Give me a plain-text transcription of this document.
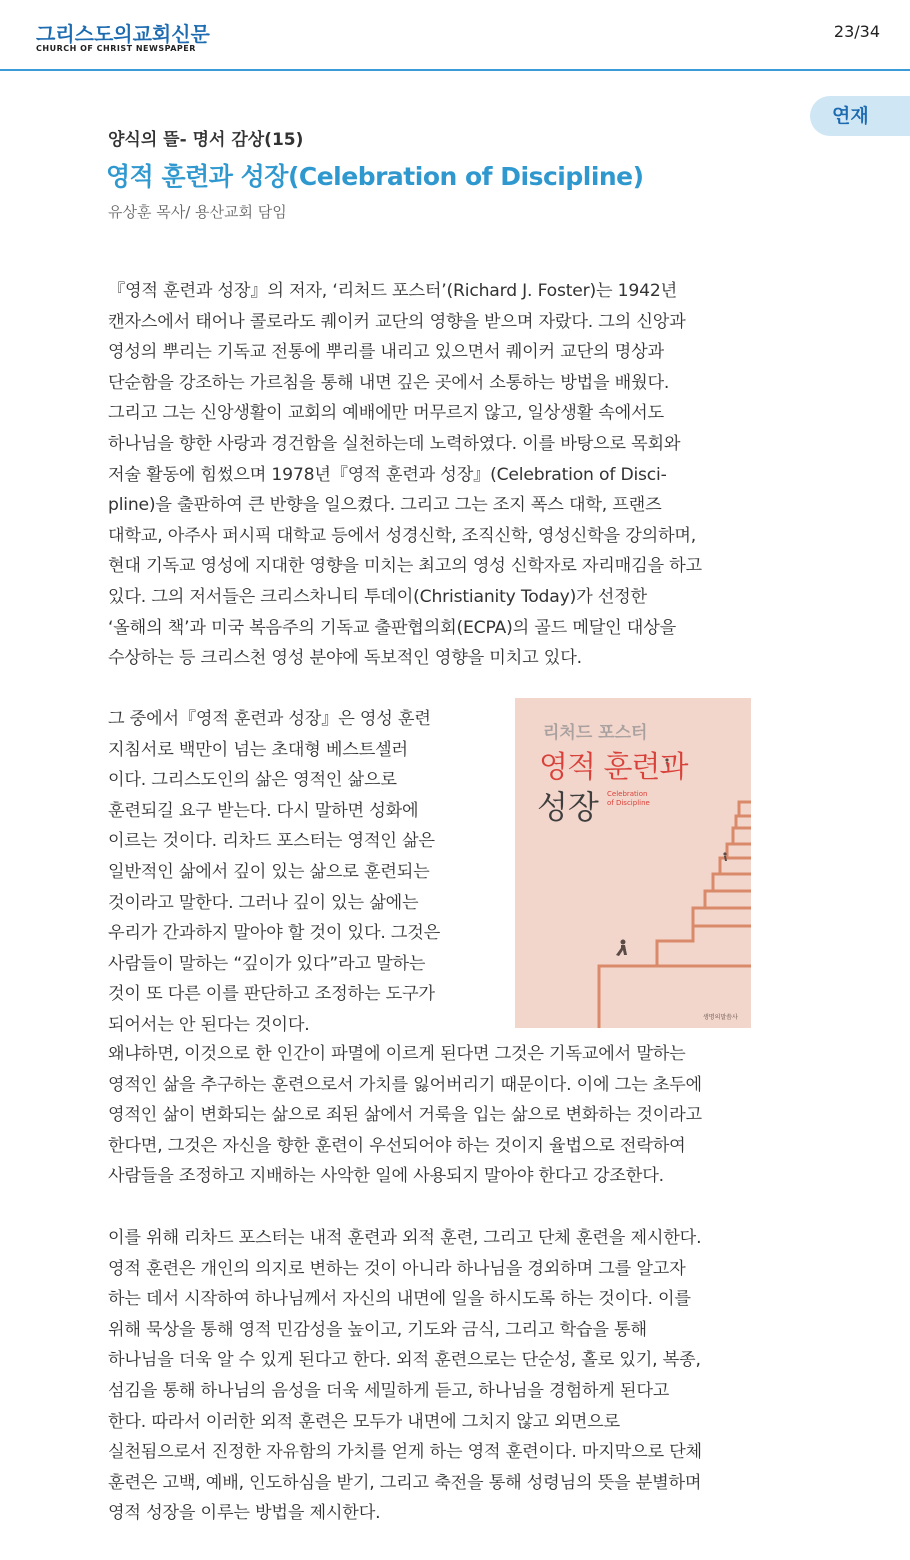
그리스도의교회신문
CHURCH OF CHRIST NEWSPAPER
23/34
연재
양식의 뜰- 명서 감상(15)
영적 훈련과 성장(Celebration of Discipline)
유상훈 목사/ 용산교회 담임
『영적 훈련과 성장』의 저자, ‘리처드 포스터’(Richard J. Foster)는 1942년
캔자스에서 태어나 콜로라도 퀘이커 교단의 영향을 받으며 자랐다. 그의 신앙과
영성의 뿌리는 기독교 전통에 뿌리를 내리고 있으면서 퀘이커 교단의 명상과
단순함을 강조하는 가르침을 통해 내면 깊은 곳에서 소통하는 방법을 배웠다.
그리고 그는 신앙생활이 교회의 예배에만 머무르지 않고, 일상생활 속에서도
하나님을 향한 사랑과 경건함을 실천하는데 노력하였다. 이를 바탕으로 목회와
저술 활동에 힘썼으며 1978년『영적 훈련과 성장』(Celebration of Disci-
pline)을 출판하여 큰 반향을 일으켰다. 그리고 그는 조지 폭스 대학, 프랜즈
대학교, 아주사 퍼시픽 대학교 등에서 성경신학, 조직신학, 영성신학을 강의하며,
현대 기독교 영성에 지대한 영향을 미치는 최고의 영성 신학자로 자리매김을 하고
있다. 그의 저서들은 크리스차니티 투데이(Christianity Today)가 선정한
‘올해의 책’과 미국 복음주의 기독교 출판협의회(ECPA)의 골드 메달인 대상을
수상하는 등 크리스천 영성 분야에 독보적인 영향을 미치고 있다.
그 중에서『영적 훈련과 성장』은 영성 훈련
지침서로 백만이 넘는 초대형 베스트셀러
이다. 그리스도인의 삶은 영적인 삶으로
훈련되길 요구 받는다. 다시 말하면 성화에
이르는 것이다. 리차드 포스터는 영적인 삶은
일반적인 삶에서 깊이 있는 삶으로 훈련되는
것이라고 말한다. 그러나 깊이 있는 삶에는
우리가 간과하지 말아야 할 것이 있다. 그것은
사람들이 말하는 “깊이가 있다”라고 말하는
것이 또 다른 이를 판단하고 조정하는 도구가
되어서는 안 된다는 것이다.
리처드 포스터
영적 훈련과
성장 Celebration
of Discipline
생명의말씀사
왜냐하면, 이것으로 한 인간이 파멸에 이르게 된다면 그것은 기독교에서 말하는
영적인 삶을 추구하는 훈련으로서 가치를 잃어버리기 때문이다. 이에 그는 초두에
영적인 삶이 변화되는 삶으로 죄된 삶에서 거룩을 입는 삶으로 변화하는 것이라고
한다면, 그것은 자신을 향한 훈련이 우선되어야 하는 것이지 율법으로 전락하여
사람들을 조정하고 지배하는 사악한 일에 사용되지 말아야 한다고 강조한다.
이를 위해 리차드 포스터는 내적 훈련과 외적 훈련, 그리고 단체 훈련을 제시한다.
영적 훈련은 개인의 의지로 변하는 것이 아니라 하나님을 경외하며 그를 알고자
하는 데서 시작하여 하나님께서 자신의 내면에 일을 하시도록 하는 것이다. 이를
위해 묵상을 통해 영적 민감성을 높이고, 기도와 금식, 그리고 학습을 통해
하나님을 더욱 알 수 있게 된다고 한다. 외적 훈련으로는 단순성, 홀로 있기, 복종,
섬김을 통해 하나님의 음성을 더욱 세밀하게 듣고, 하나님을 경험하게 된다고
한다. 따라서 이러한 외적 훈련은 모두가 내면에 그치지 않고 외면으로
실천됨으로서 진정한 자유함의 가치를 얻게 하는 영적 훈련이다. 마지막으로 단체
훈련은 고백, 예배, 인도하심을 받기, 그리고 축전을 통해 성령님의 뜻을 분별하며
영적 성장을 이루는 방법을 제시한다.
